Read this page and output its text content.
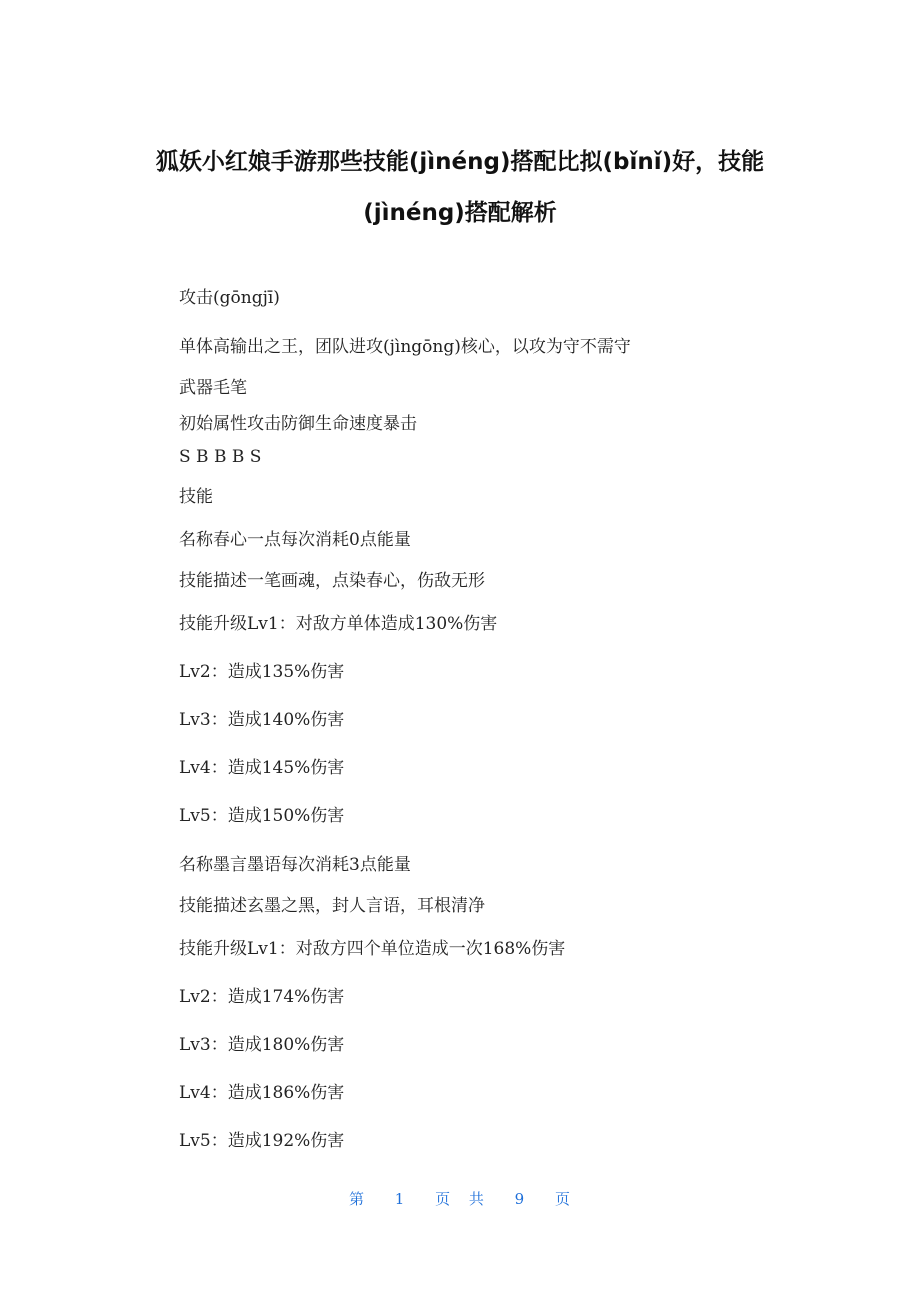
狐妖小红娘手游那些技能(jìnéng)搭配比拟(bǐnǐ)好，技能
(jìnéng)搭配解析

攻击(gōngjī)

单体高输出之王，团队进攻(jìngōng)核心，以攻为守不需守

武器毛笔

初始属性攻击防御生命速度暴击

S B B B S

技能

名称春心一点每次消耗0点能量

技能描述一笔画魂，点染春心，伤敌无形

技能升级Lv1：对敌方单体造成130%伤害

Lv2：造成135%伤害

Lv3：造成140%伤害

Lv4：造成145%伤害

Lv5：造成150%伤害

名称墨言墨语每次消耗3点能量

技能描述玄墨之黑，封人言语，耳根清净

技能升级Lv1：对敌方四个单位造成一次168%伤害

Lv2：造成174%伤害

Lv3：造成180%伤害

Lv4：造成186%伤害

Lv5：造成192%伤害

第 1 页 共 9 页
